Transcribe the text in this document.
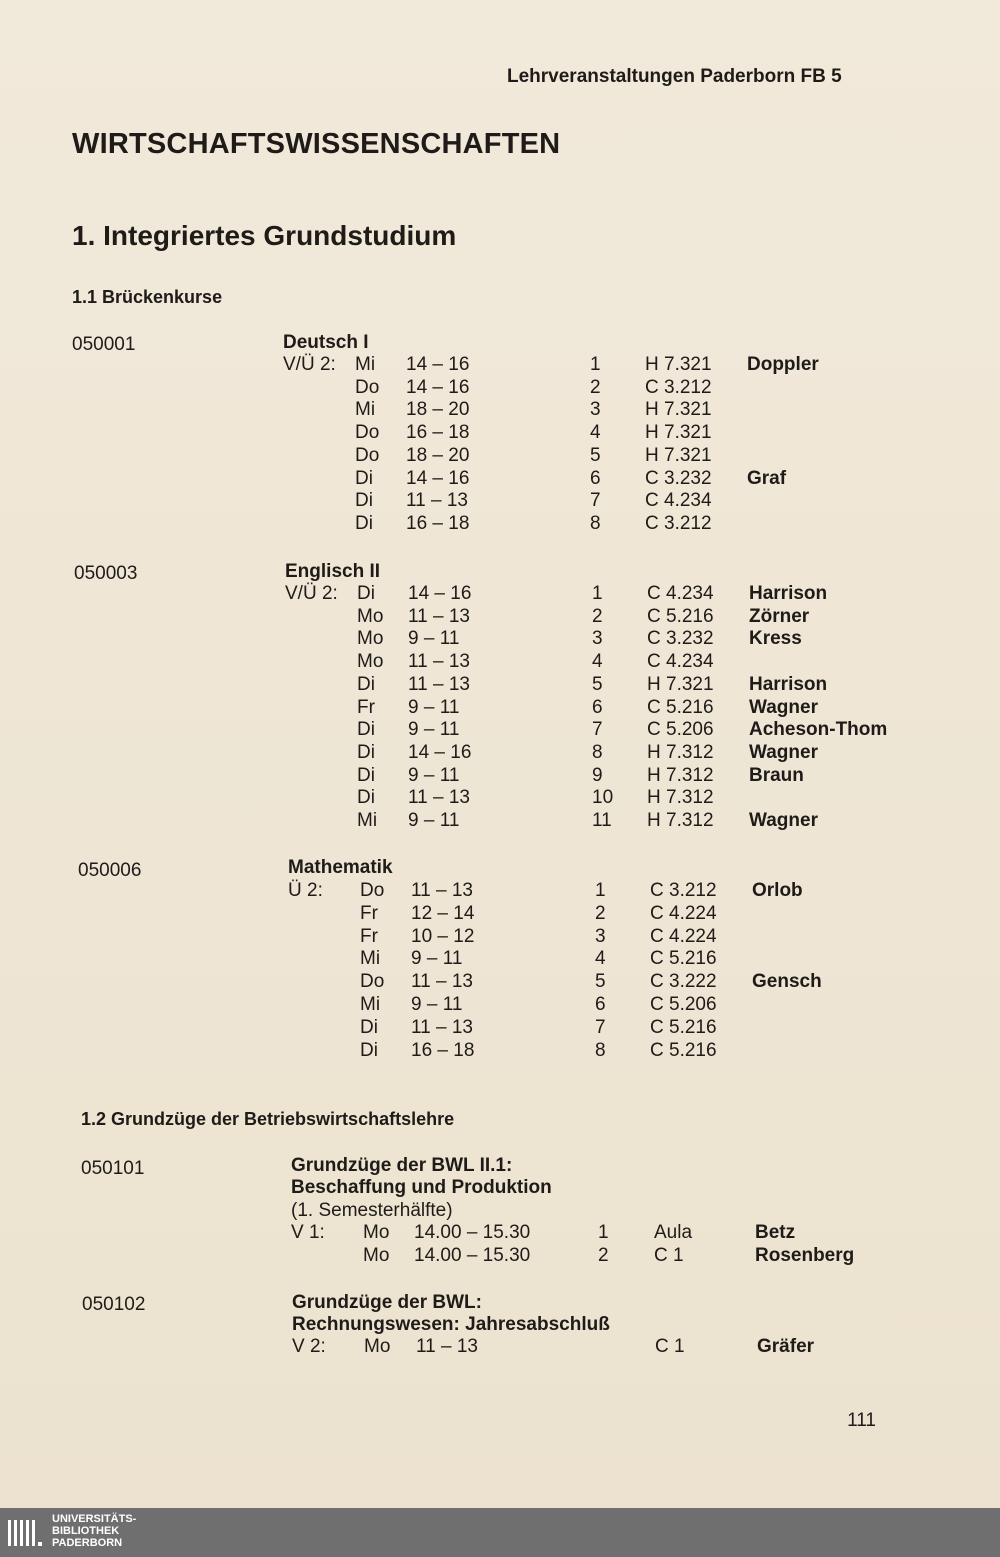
Lehrveranstaltungen Paderborn FB 5
WIRTSCHAFTSWISSENSCHAFTEN
1. Integriertes Grundstudium
1.1 Brückenkurse
050001	Deutsch I
V/Ü 2: Mi 14 – 16	1 H 7.321 Doppler
Do 14 – 16	2 C 3.212
Mi 18 – 20	3 H 7.321
Do 16 – 18	4 H 7.321
Do 18 – 20	5 H 7.321
Di 14 – 16	6 C 3.232 Graf
Di 11 – 13	7 C 4.234
Di 16 – 18	8 C 3.212
050003	Englisch II
V/Ü 2: Di 14 – 16	1 C 4.234 Harrison
Mo 11 – 13	2 C 5.216 Zörner
Mo 9 – 11	3 C 3.232 Kress
Mo 11 – 13	4 C 4.234
Di 11 – 13	5 H 7.321 Harrison
Fr 9 – 11	6 C 5.216 Wagner
Di 9 – 11	7 C 5.206 Acheson-Thom
Di 14 – 16	8 H 7.312 Wagner
Di 9 – 11	9 H 7.312 Braun
Di 11 – 13	10 H 7.312
Mi 9 – 11	11 H 7.312 Wagner
050006	Mathematik
Ü 2: Do 11 – 13	1 C 3.212 Orlob
Fr 12 – 14	2 C 4.224
Fr 10 – 12	3 C 4.224
Mi 9 – 11	4 C 5.216
Do 11 – 13	5 C 3.222 Gensch
Mi 9 – 11	6 C 5.206
Di 11 – 13	7 C 5.216
Di 16 – 18	8 C 5.216
1.2 Grundzüge der Betriebswirtschaftslehre
050101	Grundzüge der BWL II.1:
Beschaffung und Produktion
(1. Semesterhälfte)
V 1: Mo 14.00 – 15.30	1 Aula	Betz
Mo 14.00 – 15.30	2 C 1	Rosenberg
050102	Grundzüge der BWL:
Rechnungswesen: Jahresabschluß
V 2: Mo 11 – 13	C 1	Gräfer
111
UNIVERSITÄTS-
BIBLIOTHEK
PADERBORN
